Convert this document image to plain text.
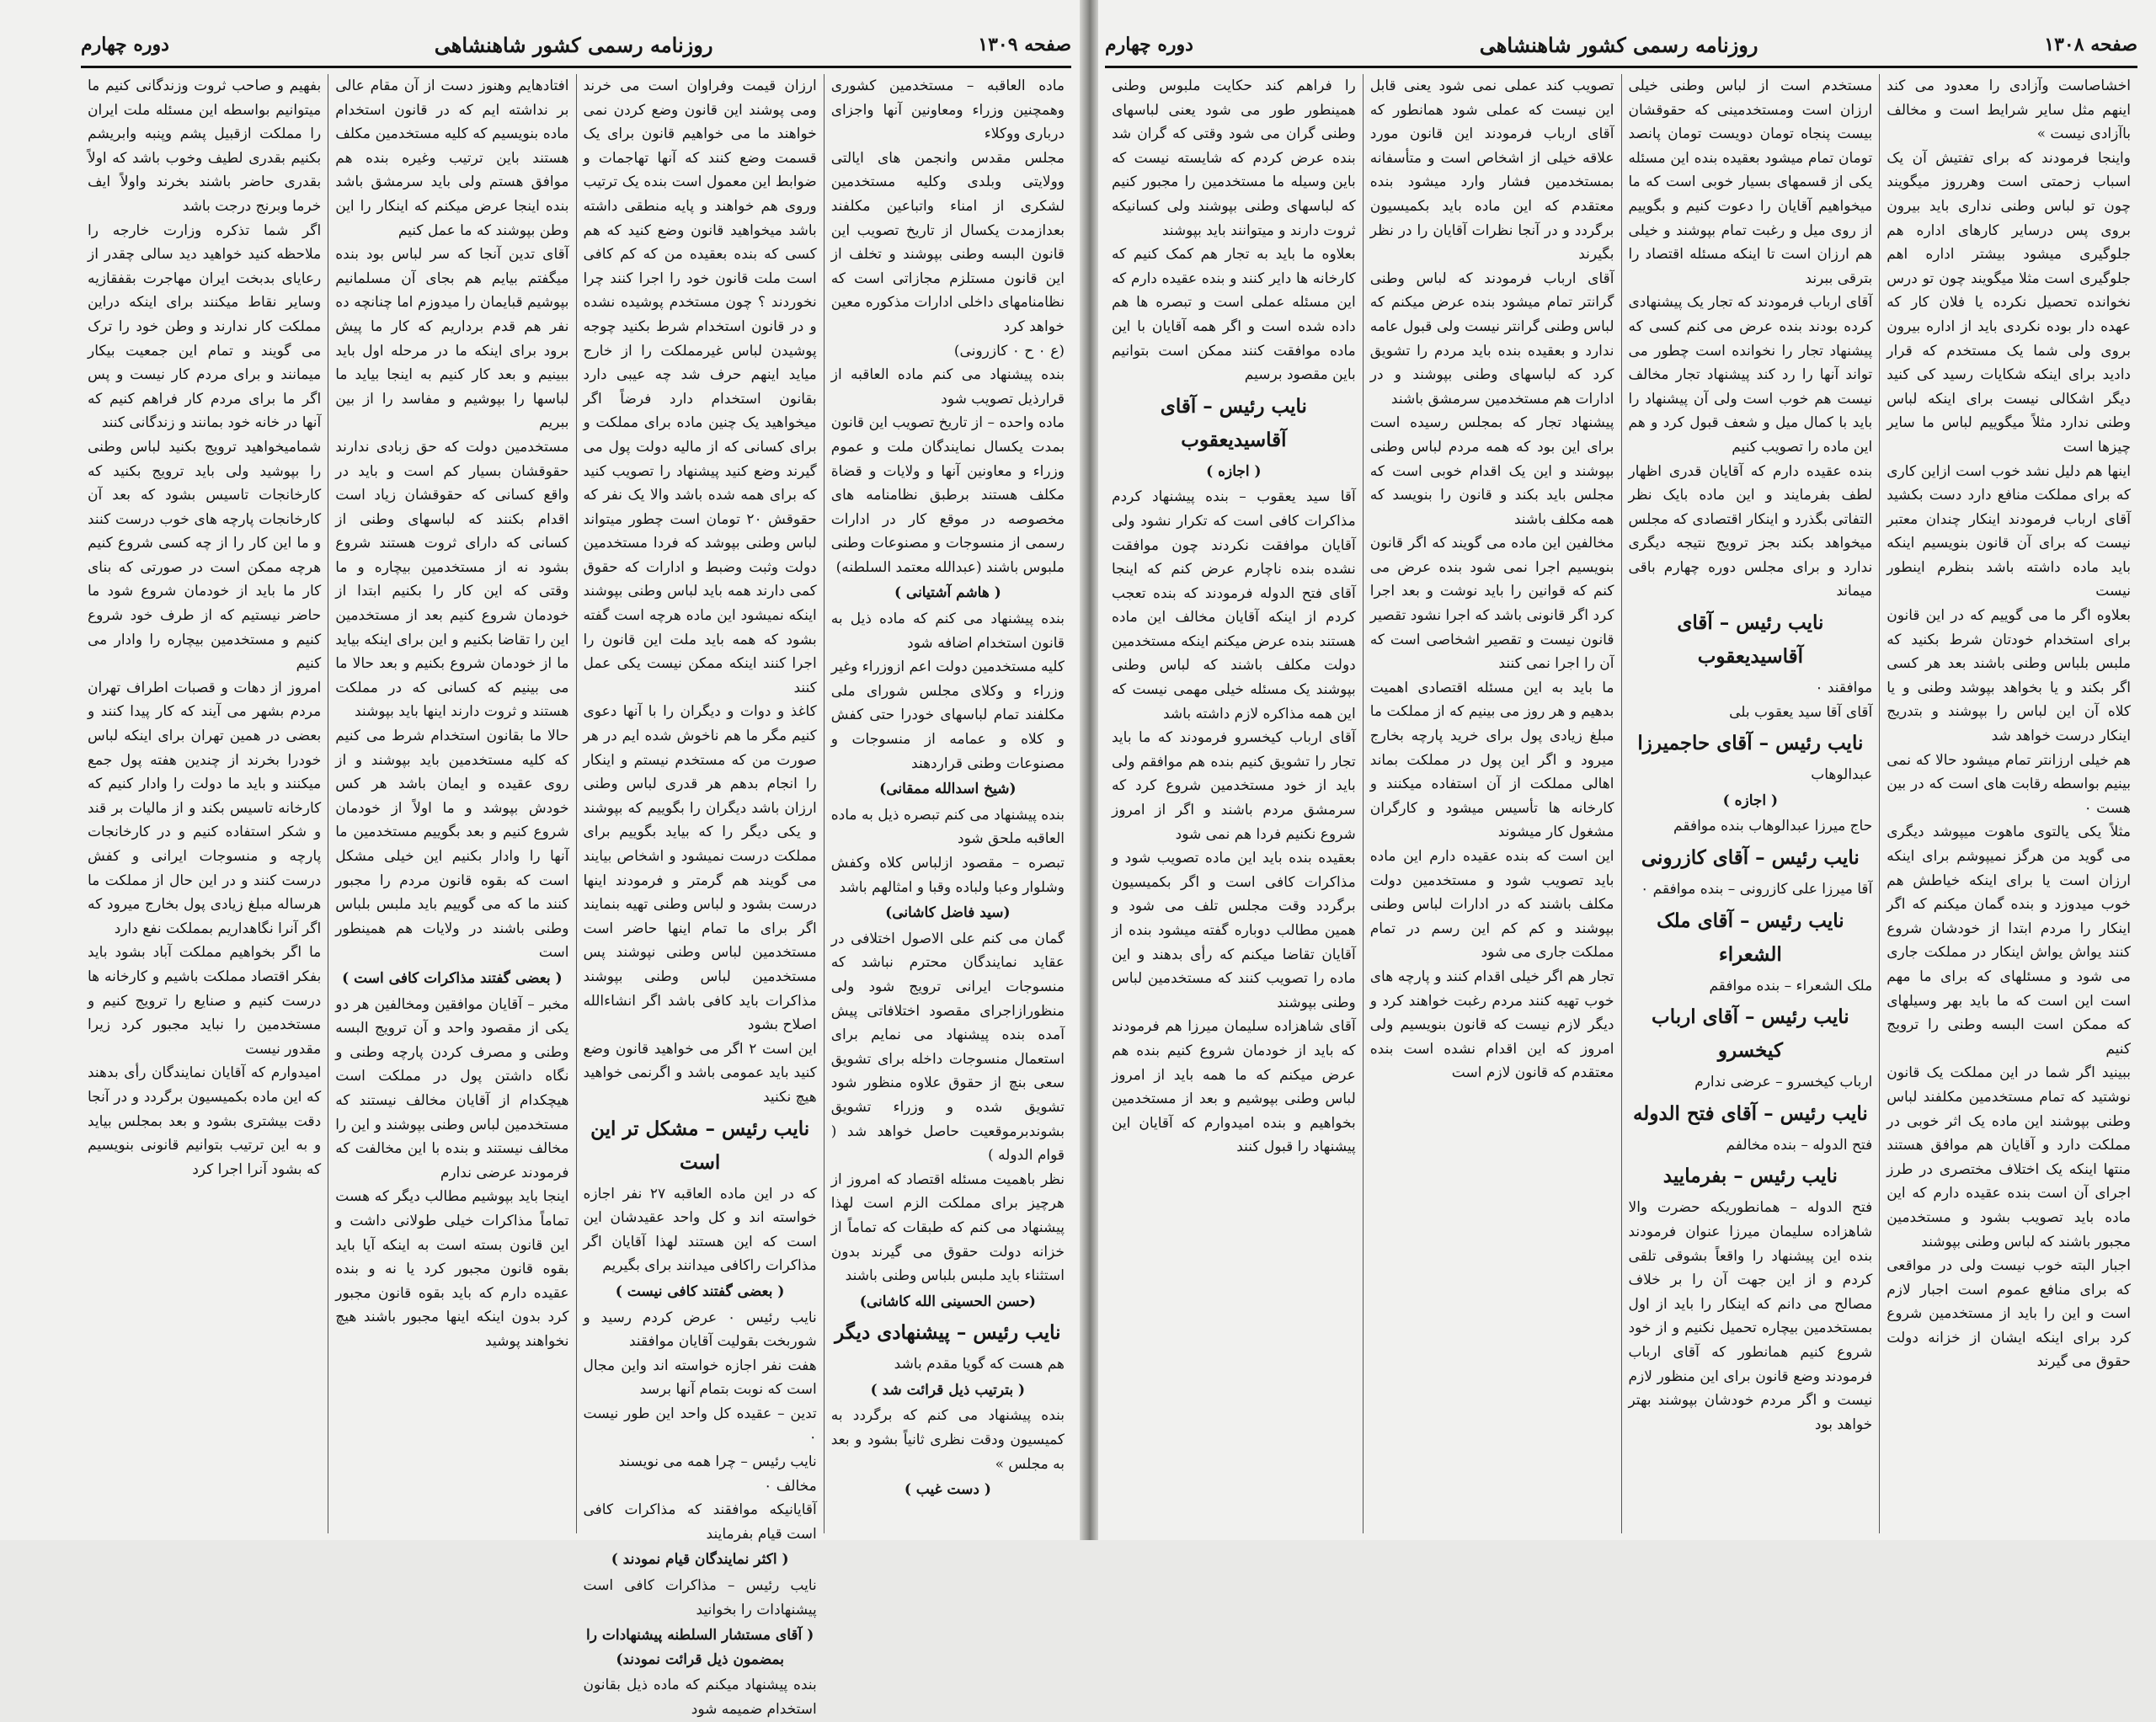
صفحه ۱۳۰۹
روزنامه رسمی کشور شاهنشاهی
دوره چهارم

ماده العاقبه – مستخدمین کشوری وهمچنین وزراء ومعاونین آنها واجزای درباری ووکلاء

مجلس مقدس وانجمن های ایالتی وولایتی وبلدی وکلیه مستخدمین لشکری از امناء واتباعین مکلفند بعدازمدت یکسال از تاریخ تصویب این قانون البسه وطنی بپوشند و تخلف از این قانون مستلزم مجازاتی است که نظامنامهای داخلی ادارات مذکوره معین خواهد کرد

(ع ۰ ح ۰ کازرونی)

بنده پیشنهاد می کنم ماده العاقبه از قرارذیل تصویب شود

ماده واحده – از تاریخ تصویب این قانون بمدت یکسال نمایندگان ملت و عموم وزراء و معاونین آنها و ولایات و قضاة مکلف هستند برطبق نظامنامه های مخصوصه در موقع کار در ادارات رسمی از منسوجات و مصنوعات وطنی ملبوس باشند (عبدالله معتمد السلطنه)

( هاشم آشتیانی )

بنده پیشنهاد می کنم که ماده ذیل به قانون استخدام اضافه شود

کلیه مستخدمین دولت اعم ازوزراء وغیر وزراء و وکلای مجلس شورای ملی مکلفند تمام لباسهای خودرا حتی کفش و کلاه و عمامه از منسوجات و مصنوعات وطنی قراردهند

(شیخ اسدالله ممقانی)

بنده پیشنهاد می کنم تبصره ذیل به ماده العاقبه ملحق شود

تبصره – مقصود ازلباس کلاه وکفش وشلوار وعبا ولباده وقبا و امثالهم باشد

(سید فاضل کاشانی)

گمان می کنم علی الاصول اختلافی در عقاید نمایندگان محترم نباشد که منسوجات ایرانی ترویج شود ولی منظورازاجرای مقصود اختلافاتی پیش آمده بنده پیشنهاد می نمایم برای استعمال منسوجات داخله برای تشویق سعی بنچ از حقوق علاوه منظور شود تشویق شده و وزراء تشویق بشوندبرموقعیت حاصل خواهد شد ( قوام الدوله )

نظر باهمیت مسئله اقتصاد که امروز از هرچیز برای مملکت الزم است لهذا پیشنهاد می کنم که طبقات که تماماً از خزانه دولت حقوق می گیرند بدون استثناء باید ملبس بلباس وطنی باشند

(حسن الحسینی الله کاشانی)
نایب رئیس – پیشنهادی دیگر

هم هست که گویا مقدم باشد

( بترتیب ذیل قرائت شد )

بنده پیشنهاد می کنم که برگردد به کمیسیون ودقت نظری ثانیاً بشود و بعد به مجلس »

( دست غیب )

ارزان قیمت وفراوان است می خرند ومی پوشند این قانون وضع کردن نمی خواهند ما می خواهیم قانون برای یک قسمت وضع کنند که آنها تهاجمات و ضوابط این معمول است بنده یک ترتیب وروی هم خواهند و پایه منطقی داشته باشد میخواهید قانون وضع کنید که هم کسی که بنده بعقیده من که کم کافی است ملت قانون خود را اجرا کنند چرا نخوردند ؟ چون مستخدم پوشیده نشده و در قانون استخدام شرط بکنید چوجه پوشیدن لباس غیرمملکت را از خارج میاید اینهم حرف شد چه عیبی دارد بقانون استخدام دارد فرضاً اگر میخواهید یک چنین ماده برای مملکت و برای کسانی که از مالیه دولت پول می گیرند وضع کنید پیشنهاد را تصویب کنید که برای همه شده باشد والا یک نفر که حقوقش ۲۰ تومان است چطور میتواند لباس وطنی بپوشد که فردا مستخدمین دولت وثبت وضبط و ادارات که حقوق کمی دارند همه باید لباس وطنی بپوشند اینکه نمیشود این ماده هرچه است گفته بشود که همه باید ملت این قانون را اجرا کنند اینکه ممکن نیست یکی عمل کنند

کاغذ و دوات و دیگران را با آنها دعوی کنیم مگر ما هم ناخوش شده ایم در هر صورت من که مستخدم نیستم و اینکار را انجام بدهم هر قدری لباس وطنی ارزان باشد دیگران را بگوییم که بپوشند و یکی دیگر را که بیاید بگوییم برای مملکت درست نمیشود و اشخاص بیایند می گویند هم گرمتر و فرمودند اینها درست بشود و لباس وطنی تهیه بنمایند اگر برای ما تمام اینها حاضر است مستخدمین لباس وطنی نپوشند پس مستخدمین لباس وطنی بپوشند مذاکرات باید کافی باشد اگر انشاءالله اصلاح بشود

این است ۲ اگر می خواهید قانون وضع کنید باید عمومی باشد و اگرنمی خواهید هیچ نکنید

نایب رئیس – مشکل تر این است

که در این ماده العاقبه ۲۷ نفر اجازه خواسته اند و کل واحد عقیدشان این است که این هستند لهذا آقایان اگر مذاکرات راکافی میدانند برای بگیریم

( بعضی گفتند کافی نیست )

نایب رئیس ۰ عرض کردم رسید و شوربخت بقولیت آقایان موافقند

هفت نفر اجازه خواسته اند واین مجال است که نوبت بتمام آنها برسد

تدین – عقیده کل واحد این طور نیست ۰

نایب رئیس – چرا همه می نویسند

مخالف ۰

آقایانیکه موافقند که مذاکرات کافی است قیام بفرمایند

( اکثر نمایندگان قیام نمودند )

نایب رئیس – مذاکرات کافی است پیشنهادات را بخوانید

( آقای مستشار السلطنه پیشنهادات را بمضمون ذیل قرائت نمودند)

بنده پیشنهاد میکنم که ماده ذیل بقانون استخدام ضمیمه شود

افتادهایم وهنوز دست از آن مقام عالی بر نداشته ایم که در قانون استخدام ماده بنویسیم که کلیه مستخدمین مکلف هستند باین ترتیب وغیره بنده هم موافق هستم ولی باید سرمشق باشد بنده اینجا عرض میکنم که اینکار را این وطن بپوشند که ما عمل کنیم

آقای تدین آنجا که سر لباس بود بنده میگفتم بیایم هم بجای آن مسلمانیم بپوشیم قبایمان را میدوزم اما چنانچه ده نفر هم قدم برداریم که کار ما پیش برود برای اینکه ما در مرحله اول باید ببینیم و بعد کار کنیم به اینجا بیاید ما لباسها را بپوشیم و مفاسد را از بین ببریم

مستخدمین دولت که حق زبادی ندارند حقوقشان بسیار کم است و باید در واقع کسانی که حقوقشان زیاد است اقدام بکنند که لباسهای وطنی از کسانی که دارای ثروت هستند شروع بشود نه از مستخدمین بیچاره و ما وقتی که این کار را بکنیم ابتدا از خودمان شروع کنیم بعد از مستخدمین این را تقاضا بکنیم و این برای اینکه بیاید ما از خودمان شروع بکنیم و بعد حالا ما می بینیم که کسانی که در مملکت هستند و ثروت دارند اینها باید بپوشند

حالا ما بقانون استخدام شرط می کنیم که کلیه مستخدمین باید بپوشند و از روی عقیده و ایمان باشد هر کس خودش بپوشد و ما اولاً از خودمان شروع کنیم و بعد بگوییم مستخدمین ما آنها را وادار بکنیم این خیلی مشکل است که بقوه قانون مردم را مجبور کنند ما که می گوییم باید ملبس بلباس وطنی باشند در ولایات هم همینطور است

( بعضی گفتند مذاکرات کافی است )

مخبر – آقایان موافقین ومخالفین هر دو یکی از مقصود واحد و آن ترویج البسه وطنی و مصرف کردن پارچه وطنی و نگاه داشتن پول در مملکت است هیچکدام از آقایان مخالف نیستند که مستخدمین لباس وطنی بپوشند و این را مخالف نیستند و بنده با این مخالفت که فرمودند عرضی ندارم

اینجا باید بپوشیم مطالب دیگر که هست تماماً مذاکرات خیلی طولانی داشت و این قانون بسته است به اینکه آیا باید بقوه قانون مجبور کرد یا نه و بنده عقیده دارم که باید بقوه قانون مجبور کرد بدون اینکه اینها مجبور باشند هیچ نخواهند پوشید

بفهیم و صاحب ثروت وزندگانی کنیم ما میتوانیم بواسطه این مسئله ملت ایران را مملکت ازقبیل پشم وپنبه وابریشم بکنیم بقدری لطیف وخوب باشد که اولاً بقدری حاضر باشند بخرند واولاً ایف خرما وبرنج درجت باشد

اگر شما تذکره وزارت خارجه را ملاحظه کنید خواهید دید سالی چقدر از رعایای بدبخت ایران مهاجرت بقفقازیه وسایر نقاط میکنند برای اینکه دراین مملکت کار ندارند و وطن خود را ترک می گویند و تمام این جمعیت بیکار میمانند و برای مردم کار نیست و پس اگر ما برای مردم کار فراهم کنیم که آنها در خانه خود بمانند و زندگانی کنند

شمامیخواهید ترویج بکنید لباس وطنی را بپوشید ولی باید ترویج بکنید که کارخانجات تاسیس بشود که بعد آن کارخانجات پارچه های خوب درست کنند و ما این کار را از چه کسی شروع کنیم هرچه ممکن است در صورتی که بنای کار ما باید از خودمان شروع شود ما حاضر نیستیم که از طرف خود شروع کنیم و مستخدمین بیچاره را وادار می کنیم

امروز از دهات و قصبات اطراف تهران مردم بشهر می آیند که کار پیدا کنند و بعضی در همین تهران برای اینکه لباس خودرا بخرند از چندین هفته پول جمع میکنند و باید ما دولت را وادار کنیم که کارخانه تاسیس بکند و از مالیات بر قند و شکر استفاده کنیم و در کارخانجات پارچه و منسوجات ایرانی و کفش درست کنند و در این حال از مملکت ما هرساله مبلغ زیادی پول بخارج میرود که اگر آنرا نگاهداریم بمملکت نفع دارد

ما اگر بخواهیم مملکت آباد بشود باید بفکر اقتصاد مملکت باشیم و کارخانه ها درست کنیم و صنایع را ترویج کنیم و مستخدمین را نباید مجبور کرد زیرا مقدور نیست

امیدوارم که آقایان نمایندگان رأی بدهند که این ماده بکمیسیون برگردد و در آنجا دقت بیشتری بشود و بعد بمجلس بیاید و به این ترتیب بتوانیم قانونی بنویسیم که بشود آنرا اجرا کرد

صفحه ۱۳۰۸
روزنامه رسمی کشور شاهنشاهی
دوره چهارم

اخشاصاست وآزادی را معدود می کند اینهم مثل سایر شرایط است و مخالف باآزادی نیست »

واینجا فرمودند که برای تفتیش آن یک اسباب زحمتی است وهرروز میگویند چون تو لباس وطنی نداری باید بیرون بروی پس درسایر کارهای اداره هم جلوگیری میشود بیشتر اداره اهم جلوگیری است مثلا میگویند چون تو درس نخوانده تحصیل نکرده یا فلان کار که عهده دار بوده نکردی باید از اداره بیرون بروی ولی شما یک مستخدم که قرار دادید برای اینکه شکایات رسید کی کنید دیگر اشکالی نیست برای اینکه لباس وطنی ندارد مثلاً میگوییم لباس ما سایر چیزها است

اینها هم دلیل نشد خوب است ازاین کاری که برای مملکت منافع دارد دست بکشید آقای ارباب فرمودند اینکار چندان معتبر نیست که برای آن قانون بنویسیم اینکه باید ماده داشته باشد بنظرم اینطور نیست

بعلاوه اگر ما می گوییم که در این قانون برای استخدام خودتان شرط بکنید که ملبس بلباس وطنی باشند بعد هر کسی اگر بکند و یا بخواهد بپوشد وطنی و یا کلاه آن این لباس را بپوشند و بتدریج اینکار درست خواهد شد

هم خیلی ارزانتر تمام میشود حالا که نمی بینیم بواسطه رقابت های است که در بین هست ۰

مثلاً یکی یالتوی ماهوت میپوشد دیگری می گوید من هرگز نمیپوشم برای اینکه ارزان است یا برای اینکه خیاطش هم خوب میدوزد و بنده گمان میکنم که اگر اینکار را مردم ابتدا از خودشان شروع کنند یواش یواش اینکار در مملکت جاری می شود و مسئلهای که برای ما مهم است این است که ما باید بهر وسیلهای که ممکن است البسه وطنی را ترویج کنیم

ببینید اگر شما در این مملکت یک قانون نوشتید که تمام مستخدمین مکلفند لباس وطنی بپوشند این ماده یک اثر خوبی در مملکت دارد و آقایان هم موافق هستند منتها اینکه یک اختلاف مختصری در طرز اجرای آن است بنده عقیده دارم که این ماده باید تصویب بشود و مستخدمین مجبور باشند که لباس وطنی بپوشند

اجبار البته خوب نیست ولی در مواقعی که برای منافع عموم است اجبار لازم است و این را باید از مستخدمین شروع کرد برای اینکه ایشان از خزانه دولت حقوق می گیرند

مستخدم است از لباس وطنی خیلی ارزان است ومستخدمینی که حقوقشان بیست پنجاه تومان دویست تومان پانصد تومان تمام میشود بعقیده بنده این مسئله یکی از قسمهای بسیار خوبی است که ما میخواهیم آقایان را دعوت کنیم و بگوییم از روی میل و رغبت تمام بپوشند و خیلی هم ارزان است تا اینکه مسئله اقتصاد را بترقی ببرند

آقای ارباب فرمودند که تجار یک پیشنهادی کرده بودند بنده عرض می کنم کسی که پیشنهاد تجار را نخوانده است چطور می تواند آنها را رد کند پیشنهاد تجار مخالف نیست هم خوب است ولی آن پیشنهاد را باید با کمال میل و شعف قبول کرد و هم این ماده را تصویب کنیم

بنده عقیده دارم که آقایان قدری اظهار لطف بفرمایند و این ماده بایک نظر التفاتی بگذرد و اینکار اقتصادی که مجلس میخواهد بکند بجز ترویج نتیجه دیگری ندارد و برای مجلس دوره چهارم باقی میماند

نایب رئیس – آقای آقاسیدیعقوب

موافقند ۰

آقای آقا سید یعقوب بلی

نایب رئیس – آقای حاجمیرزا

عبدالوهاب

( اجازه )

حاج میرزا عبدالوهاب بنده موافقم

نایب رئیس – آقای کازرونی

آقا میرزا علی کازرونی – بنده موافقم ۰

نایب رئیس – آقای ملک الشعراء

ملک الشعراء – بنده موافقم

نایب رئیس – آقای ارباب کیخسرو

ارباب کیخسرو – عرضی ندارم

نایب رئیس – آقای فتح الدوله

فتح الدوله – بنده مخالفم

نایب رئیس – بفرمایید

فتح الدوله – همانطوریکه حضرت والا شاهزاده سلیمان میرزا عنوان فرمودند بنده این پیشنهاد را واقعاً بشوقی تلقی کردم و از این جهت آن را بر خلاف مصالح می دانم که اینکار را باید از اول بمستخدمین بیچاره تحمیل نکنیم و از خود شروع کنیم همانطور که آقای ارباب فرمودند وضع قانون برای این منظور لازم نیست و اگر مردم خودشان بپوشند بهتر خواهد بود

تصویب کند عملی نمی شود یعنی قابل این نیست که عملی شود همانطور که آقای ارباب فرمودند این قانون مورد علاقه خیلی از اشخاص است و متأسفانه بمستخدمین فشار وارد میشود بنده معتقدم که این ماده باید بکمیسیون برگردد و در آنجا نظرات آقایان را در نظر بگیرند

آقای ارباب فرمودند که لباس وطنی گرانتر تمام میشود بنده عرض میکنم که لباس وطنی گرانتر نیست ولی قبول عامه ندارد و بعقیده بنده باید مردم را تشویق کرد که لباسهای وطنی بپوشند و در ادارات هم مستخدمین سرمشق باشند

پیشنهاد تجار که بمجلس رسیده است برای این بود که همه مردم لباس وطنی بپوشند و این یک اقدام خوبی است که مجلس باید بکند و قانون را بنویسد که همه مکلف باشند

مخالفین این ماده می گویند که اگر قانون بنویسیم اجرا نمی شود بنده عرض می کنم که قوانین را باید نوشت و بعد اجرا کرد اگر قانونی باشد که اجرا نشود تقصیر قانون نیست و تقصیر اشخاصی است که آن را اجرا نمی کنند

ما باید به این مسئله اقتصادی اهمیت بدهیم و هر روز می بینیم که از مملکت ما مبلغ زیادی پول برای خرید پارچه بخارج میرود و اگر این پول در مملکت بماند اهالی مملکت از آن استفاده میکنند و کارخانه ها تأسیس میشود و کارگران مشغول کار میشوند

این است که بنده عقیده دارم این ماده باید تصویب شود و مستخدمین دولت مکلف باشند که در ادارات لباس وطنی بپوشند و کم کم این رسم در تمام مملکت جاری می شود

تجار هم اگر خیلی اقدام کنند و پارچه های خوب تهیه کنند مردم رغبت خواهند کرد و دیگر لازم نیست که قانون بنویسیم ولی امروز که این اقدام نشده است بنده معتقدم که قانون لازم است

را فراهم کند حکایت ملبوس وطنی همینطور طور می شود یعنی لباسهای وطنی گران می شود وقتی که گران شد بنده عرض کردم که شایسته نیست که باین وسیله ما مستخدمین را مجبور کنیم که لباسهای وطنی بپوشند ولی کسانیکه ثروت دارند و میتوانند باید بپوشند

بعلاوه ما باید به تجار هم کمک کنیم که کارخانه ها دایر کنند و بنده عقیده دارم که این مسئله عملی است و تبصره ها هم داده شده است و اگر همه آقایان با این ماده موافقت کنند ممکن است بتوانیم باین مقصود برسیم

نایب رئیس – آقای آقاسیدیعقوب
( اجازه )

آقا سید یعقوب – بنده پیشنهاد کردم مذاکرات کافی است که تکرار نشود ولی آقایان موافقت نکردند چون موافقت نشده بنده ناچارم عرض کنم که اینجا آقای فتح الدوله فرمودند که بنده تعجب کردم از اینکه آقایان مخالف این ماده هستند بنده عرض میکنم اینکه مستخدمین دولت مکلف باشند که لباس وطنی بپوشند یک مسئله خیلی مهمی نیست که این همه مذاکره لازم داشته باشد

آقای ارباب کیخسرو فرمودند که ما باید تجار را تشویق کنیم بنده هم موافقم ولی باید از خود مستخدمین شروع کرد که سرمشق مردم باشند و اگر از امروز شروع نکنیم فردا هم نمی شود

بعقیده بنده باید این ماده تصویب شود و مذاکرات کافی است و اگر بکمیسیون برگردد وقت مجلس تلف می شود و همین مطالب دوباره گفته میشود بنده از آقایان تقاضا میکنم که رأی بدهند و این ماده را تصویب کنند که مستخدمین لباس وطنی بپوشند

آقای شاهزاده سلیمان میرزا هم فرمودند که باید از خودمان شروع کنیم بنده هم عرض میکنم که ما همه باید از امروز لباس وطنی بپوشیم و بعد از مستخدمین بخواهیم و بنده امیدوارم که آقایان این پیشنهاد را قبول کنند
